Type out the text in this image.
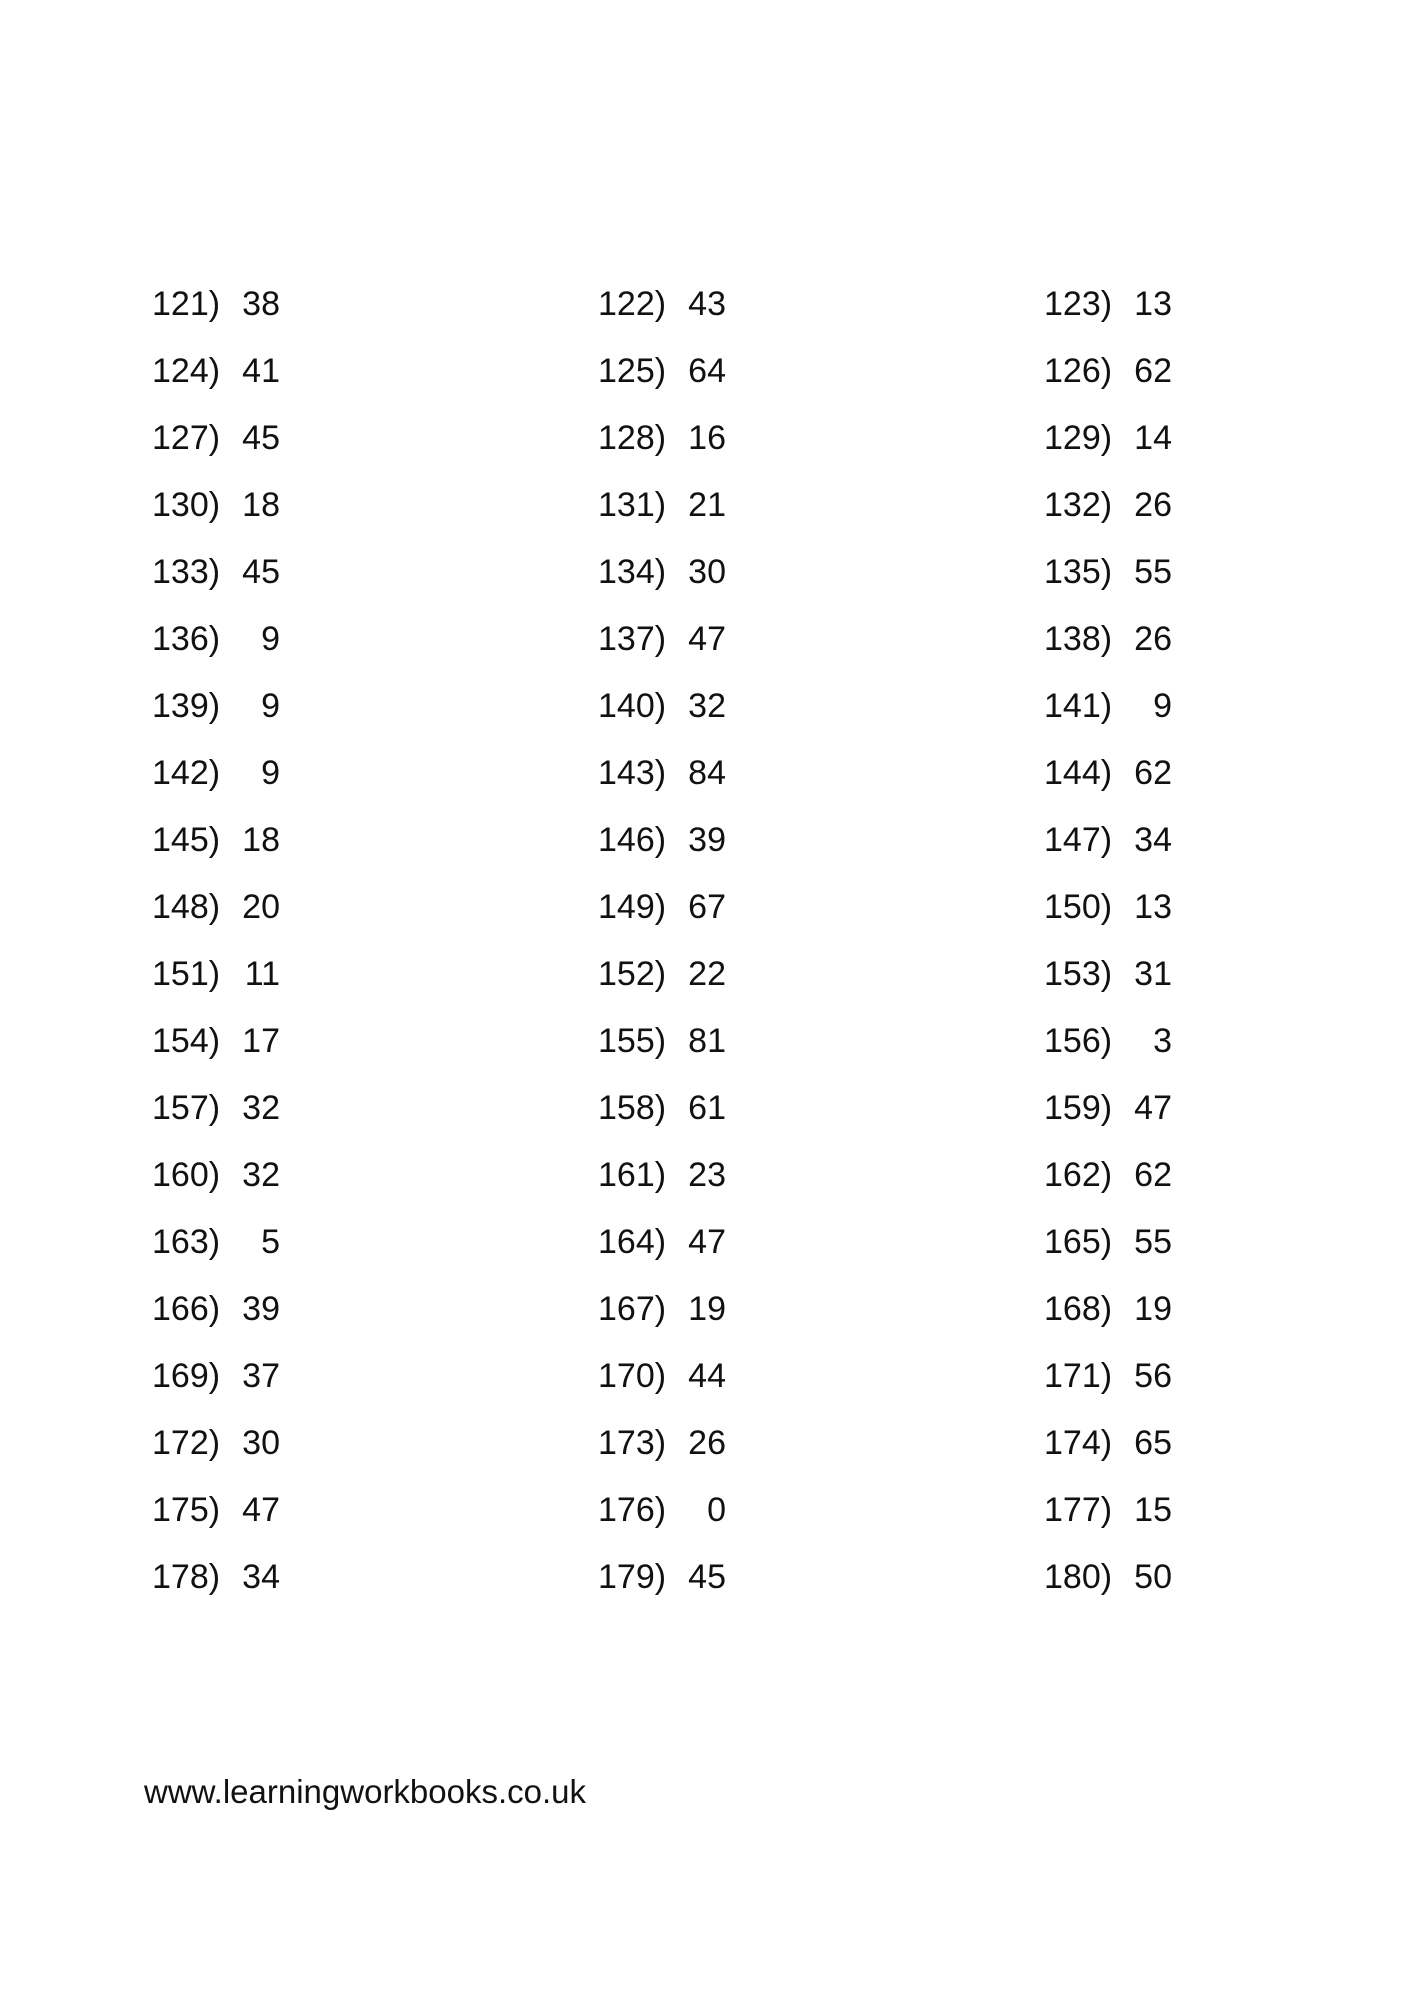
121) 38	122) 43	123) 13
124) 41	125) 64	126) 62
127) 45	128) 16	129) 14
130) 18	131) 21	132) 26
133) 45	134) 30	135) 55
136)	9	137) 47	138) 26
139)	9	140) 32	141)	9
142)	9	143) 84	144) 62
145) 18	146) 39	147) 34
148) 20	149) 67	150) 13
151) 11	152) 22	153) 31
154) 17	155) 81	156)	3
157) 32	158) 61	159) 47
160) 32	161) 23	162) 62
163)	5	164) 47	165) 55
166) 39	167) 19	168) 19
169) 37	170) 44	171) 56
172) 30	173) 26	174) 65
175) 47	176)	0	177) 15
178) 34	179) 45	180) 50
www.learningworkbooks.co.uk
